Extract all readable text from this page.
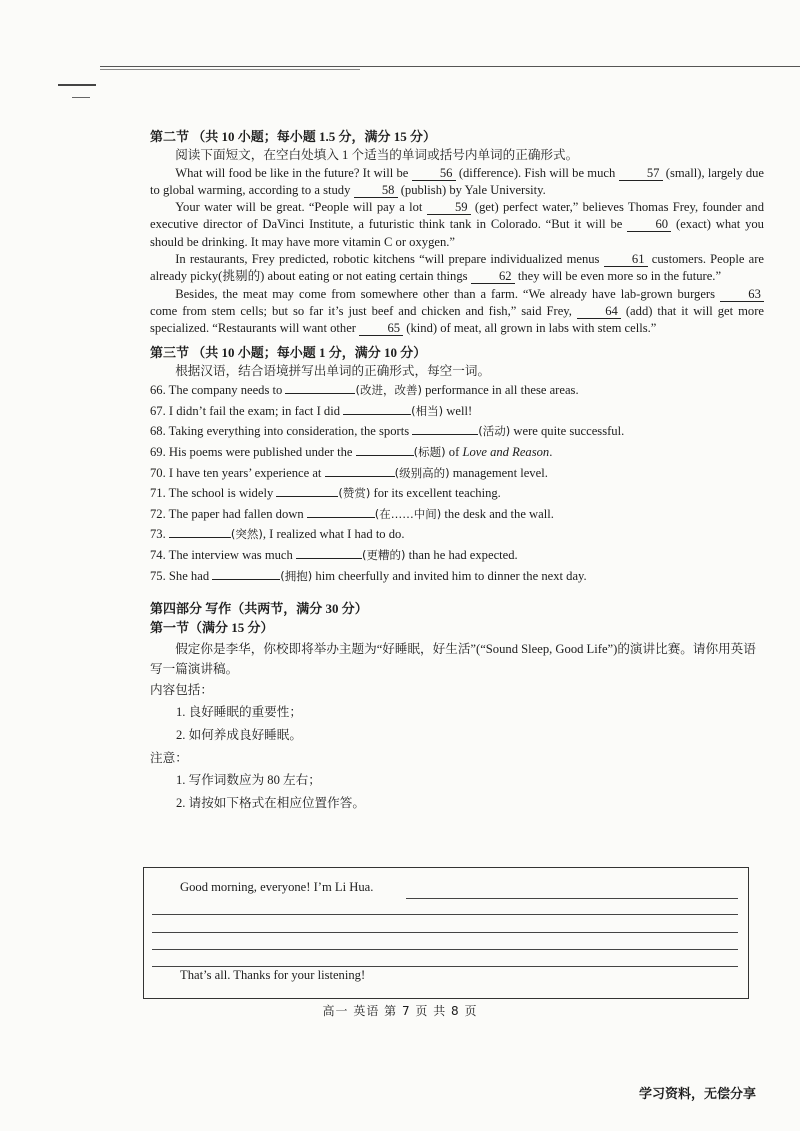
第二节 （共 10 小题；每小题 1.5 分，满分 15 分）

阅读下面短文，在空白处填入 1 个适当的单词或括号内单词的正确形式。

What will food be like in the future? It will be 56 (difference). Fish will be much 57 (small), largely due to global warming, according to a study 58 (publish) by Yale University.

Your water will be great. “People will pay a lot 59 (get) perfect water,” believes Thomas Frey, founder and executive director of DaVinci Institute, a futuristic think tank in Colorado. “But it will be 60 (exact) what you should be drinking. It may have more vitamin C or oxygen.”

In restaurants, Frey predicted, robotic kitchens “will prepare individualized menus 61 customers. People are already picky(挑剔的) about eating or not eating certain things 62 they will be even more so in the future.”

Besides, the meat may come from somewhere other than a farm. “We already have lab-grown burgers 63 come from stem cells; but so far it’s just beef and chicken and fish,” said Frey, 64 (add) that it will get more specialized. “Restaurants will want other 65 (kind) of meat, all grown in labs with stem cells.”

第三节 （共 10 小题；每小题 1 分，满分 10 分）

根据汉语，结合语境拼写出单词的正确形式，每空一词。

66. The company needs to	(改进，改善) performance in all these areas.

67. I didn’t fail the exam; in fact I did	(相当) well!

68. Taking everything into consideration, the sports	(活动) were quite successful.

69. His poems were published under the	(标题) of Love and Reason.

70. I have ten years’ experience at	(级别高的) management level.

71. The school is widely	(赞赏) for its excellent teaching.

72. The paper had fallen down	(在……中间) the desk and the wall.

73.	(突然), I realized what I had to do.

74. The interview was much	(更糟的) than he had expected.

75. She had	(拥抱) him cheerfully and invited him to dinner the next day.

第四部分 写作（共两节，满分 30 分）
第一节（满分 15 分）

假定你是李华，你校即将举办主题为“好睡眠，好生活”(“Sound Sleep, Good Life”)的演讲比赛。请你用英语写一篇演讲稿。

内容包括：

1. 良好睡眠的重要性；
2. 如何养成良好睡眠。

注意：

1. 写作词数应为 80 左右；
2. 请按如下格式在相应位置作答。
Good morning, everyone! I’m Li Hua.
That’s all. Thanks for your listening!
高一 英语 第 7 页 共 8 页
学习资料，无偿分享
